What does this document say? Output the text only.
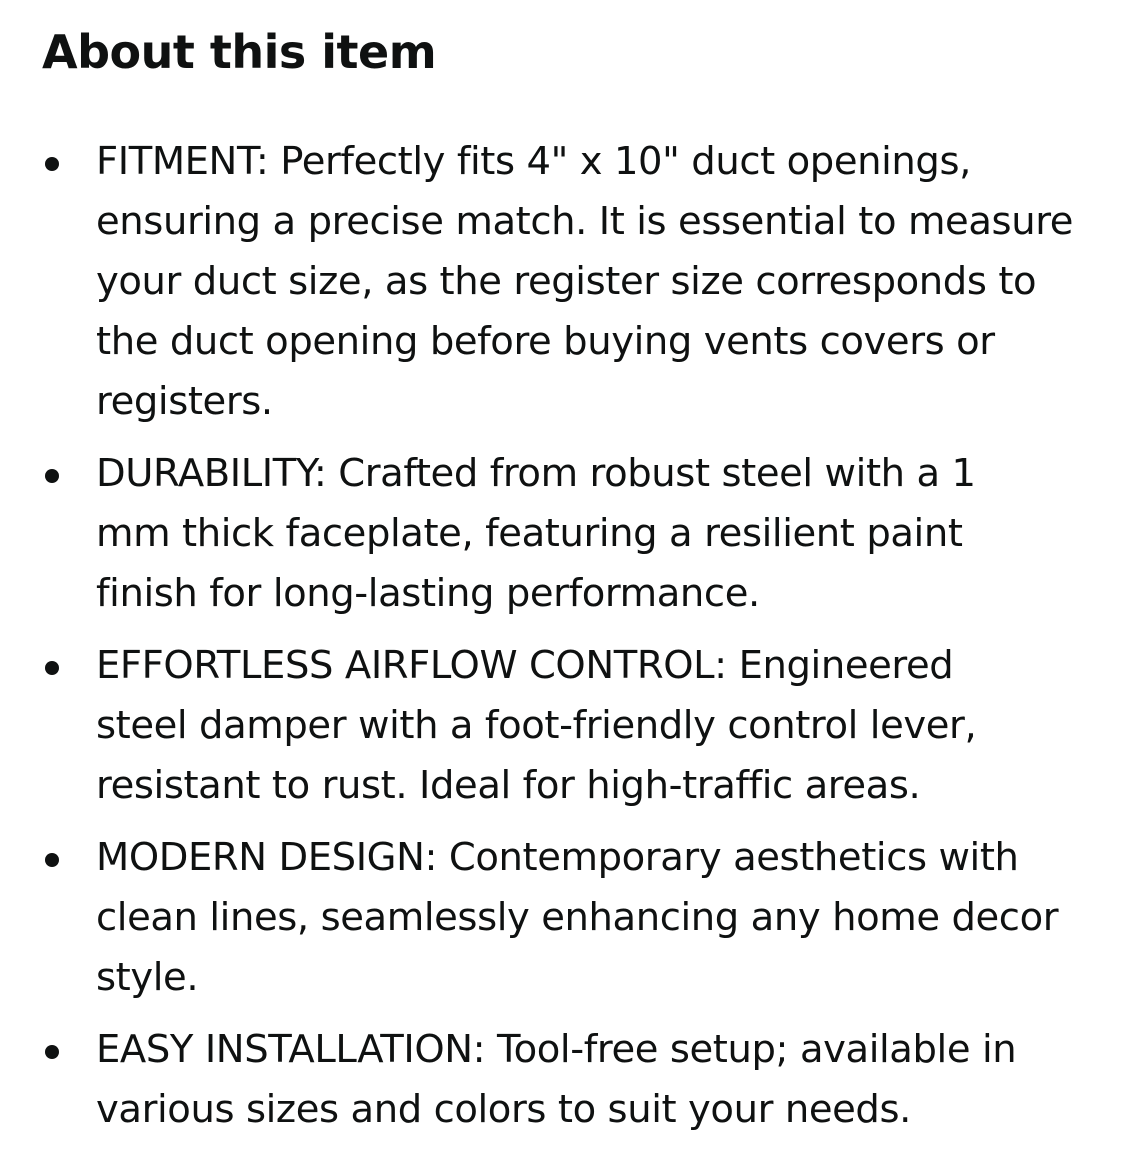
About this item
FITMENT: Perfectly fits 4" x 10" duct openings,
ensuring a precise match. It is essential to measure
your duct size, as the register size corresponds to
the duct opening before buying vents covers or
registers.
DURABILITY: Crafted from robust steel with a 1
mm thick faceplate, featuring a resilient paint
finish for long-lasting performance.
EFFORTLESS AIRFLOW CONTROL: Engineered
steel damper with a foot-friendly control lever,
resistant to rust. Ideal for high-traffic areas.
MODERN DESIGN: Contemporary aesthetics with
clean lines, seamlessly enhancing any home decor
style.
EASY INSTALLATION: Tool-free setup; available in
various sizes and colors to suit your needs.
